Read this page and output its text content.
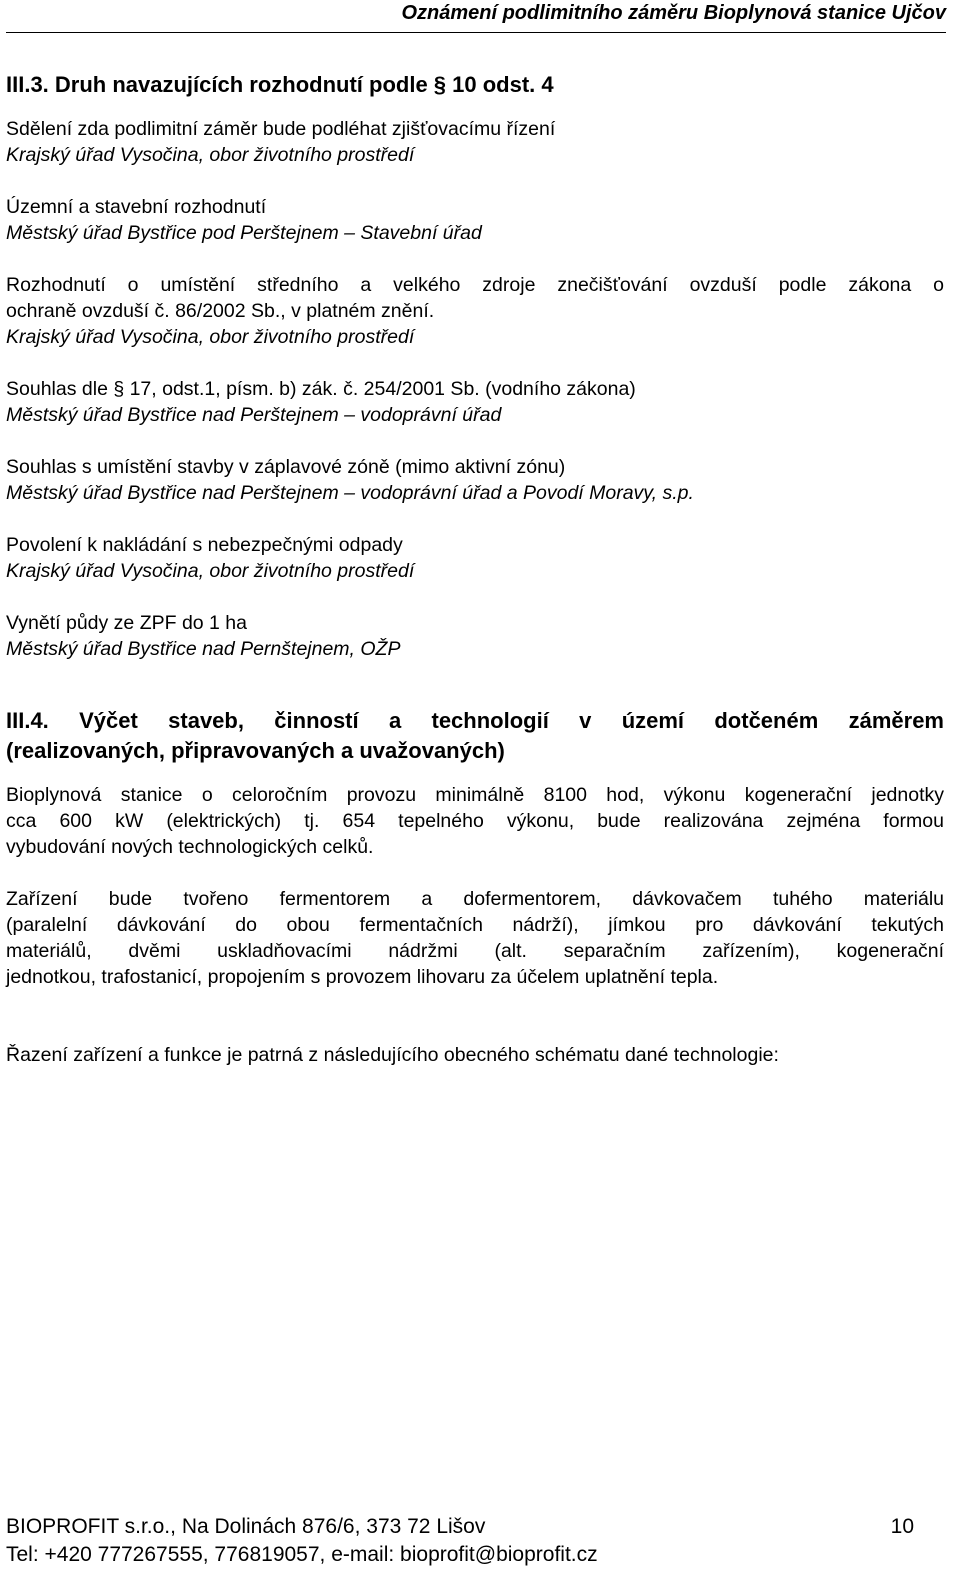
Oznámení podlimitního záměru Bioplynová stanice Ujčov
III.3. Druh navazujících rozhodnutí podle § 10 odst. 4
Sdělení zda podlimitní záměr bude podléhat zjišťovacímu řízení
Krajský úřad Vysočina, obor životního prostředí
Územní a stavební rozhodnutí
Městský úřad Bystřice pod Perštejnem – Stavební úřad
Rozhodnutí o umístění středního a velkého zdroje znečišťování ovzduší podle zákona o
ochraně ovzduší č. 86/2002 Sb., v platném znění.
Krajský úřad Vysočina, obor životního prostředí
Souhlas dle § 17, odst.1, písm. b) zák. č. 254/2001 Sb. (vodního zákona)
Městský úřad Bystřice nad Perštejnem – vodoprávní úřad
Souhlas s umístění stavby v záplavové zóně (mimo aktivní zónu)
Městský úřad Bystřice nad Perštejnem – vodoprávní úřad a Povodí Moravy, s.p.
Povolení k nakládání s nebezpečnými odpady
Krajský úřad Vysočina, obor životního prostředí
Vynětí půdy ze ZPF do 1 ha
Městský úřad Bystřice nad Pernštejnem, OŽP
III.4. Výčet staveb, činností a technologií v území dotčeném záměrem
(realizovaných, připravovaných a uvažovaných)
Bioplynová stanice o celoročním provozu minimálně 8100 hod, výkonu kogenerační jednotky
cca 600 kW (elektrických) tj. 654 tepelného výkonu, bude realizována zejména formou
vybudování nových technologických celků.
Zařízení bude tvořeno fermentorem a dofermentorem, dávkovačem tuhého materiálu
(paralelní dávkování do obou fermentačních nádrží), jímkou pro dávkování tekutých
materiálů, dvěmi uskladňovacími nádržmi (alt. separačním zařízením), kogenerační
jednotkou, trafostanicí, propojením s provozem lihovaru za účelem uplatnění tepla.
Řazení zařízení a funkce je patrná z následujícího obecného schématu dané technologie:
BIOPROFIT s.r.o., Na Dolinách 876/6, 373 72 Lišov	10
Tel: +420 777267555, 776819057, e-mail: bioprofit@bioprofit.cz
